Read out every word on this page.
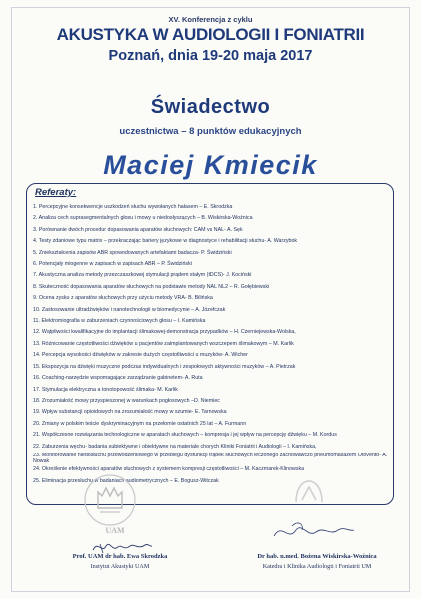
XV. Konferencja z cyklu
AKUSTYKA W AUDIOLOGII I FONIATRII
Poznań, dnia 19-20 maja 2017
Świadectwo
uczestnictwa – 8 punktów edukacyjnych
Maciej Kmiecik
Referaty:
1. Percepcyjne konsekwencje uszkodzeń słuchu wywołanych hałasem – E. Skrodzka
2. Analiza cech suprasegmentalnych głosu i mowy u niedosłyszących – B. Wiskirska-Woźnica
3. Porównanie dwóch procedur dopasowania aparatów słuchowych: CAM vs NAL- A. Sęk
4. Testy zdaniowe typu matrix – przekraczając bariery językowe w diagnostyce i rehabilitacji słuchu- A. Warzybok
5. Zniekształcenia zapisów ABR spowodowanych artefaktami badacza- P. Świdziński
6. Potencjały miogenne w zapisach w zapisach ABR – P. Świdziński
7. Akustyczna analiza metody przezczaszkowej stymulacji prądem stałym (tDCS)- J. Kociński
8. Skuteczność dopasowania aparatów słuchowych na podstawie metody NAL NL2 – R. Gołębiewski
9. Ocena zysku z aparatów słuchowych przy użyciu metody VRA- B. Bilińska
10. Zastosowanie ultradźwięków i nanotechnologii w biomedycynie – A. Józefczak
11. Elektromiografia w zaburzeniach czynnościowych głosu – I. Kamińska
12. Wątpliwości kwalifikacyjne do implantacji ślimakowej-demonstracja przypadków – H. Czerniejewska-Wolska,
13. Różnicowanie częstotliwości dźwięków u pacjentów zaimplantowanych wszczepem ślimakowym – M. Karlik
14. Percepcja wysokości dźwięków w zakresie dużych częstotliwości u muzyków- A. Wicher
15. Ekspozycja na dźwięki muzyczne podczas indywidualnych i zespołowych aktywności muzyków – A. Pietrzak
16. Coaching-narzędzie wspomagające zarządzanie gabinetem- A. Ruta
17. Stymulacja elektryczna a tonotopowość ślimaka- M. Karlik
18. Zrozumiałość mowy przyspieszonej w warunkach pogłosowych –D. Niemiec
19. Wpływ substancji opioidowych na zrozumiałość mowy w szumie- E. Tarnowska
20. Zmiany w polskim teście dyskryminacyjnym na przełomie ostatnich 25 lat – A. Furmann
21. Współczesne rozwiązania technologiczne w aparatach słuchowych – kompresja i jej wpływ na percepcję dźwięku – M. Kordus
22. Zaburzenia węchu- badania subiektywne i obiektywne na materiale chorych Kliniki Foniatrii i Audiologii – I. Kamińska,
23. Monitorowanie niedosłuchu przewodzeniowego w przebiegu dysfunkcji trąbek słuchowych leczonego zachowawczo pneumomasażem Otovento- A. Nowak
24. Określenie efektywności aparatów słuchowych z systemem kompresji częstotliwości – M. Kaczmarek-Klinowska
25. Eliminacja przesłuchu w badaniach audiometrycznych – E. Bogusz-Witczak
UAM
Prof. UAM dr hab. Ewa Skrodzka
Instytut Akustyki UAM
Dr hab. n.med. Bożena Wiskirska-Woźnica
Katedra i Klinika Audiologii i Foniatrii UM
